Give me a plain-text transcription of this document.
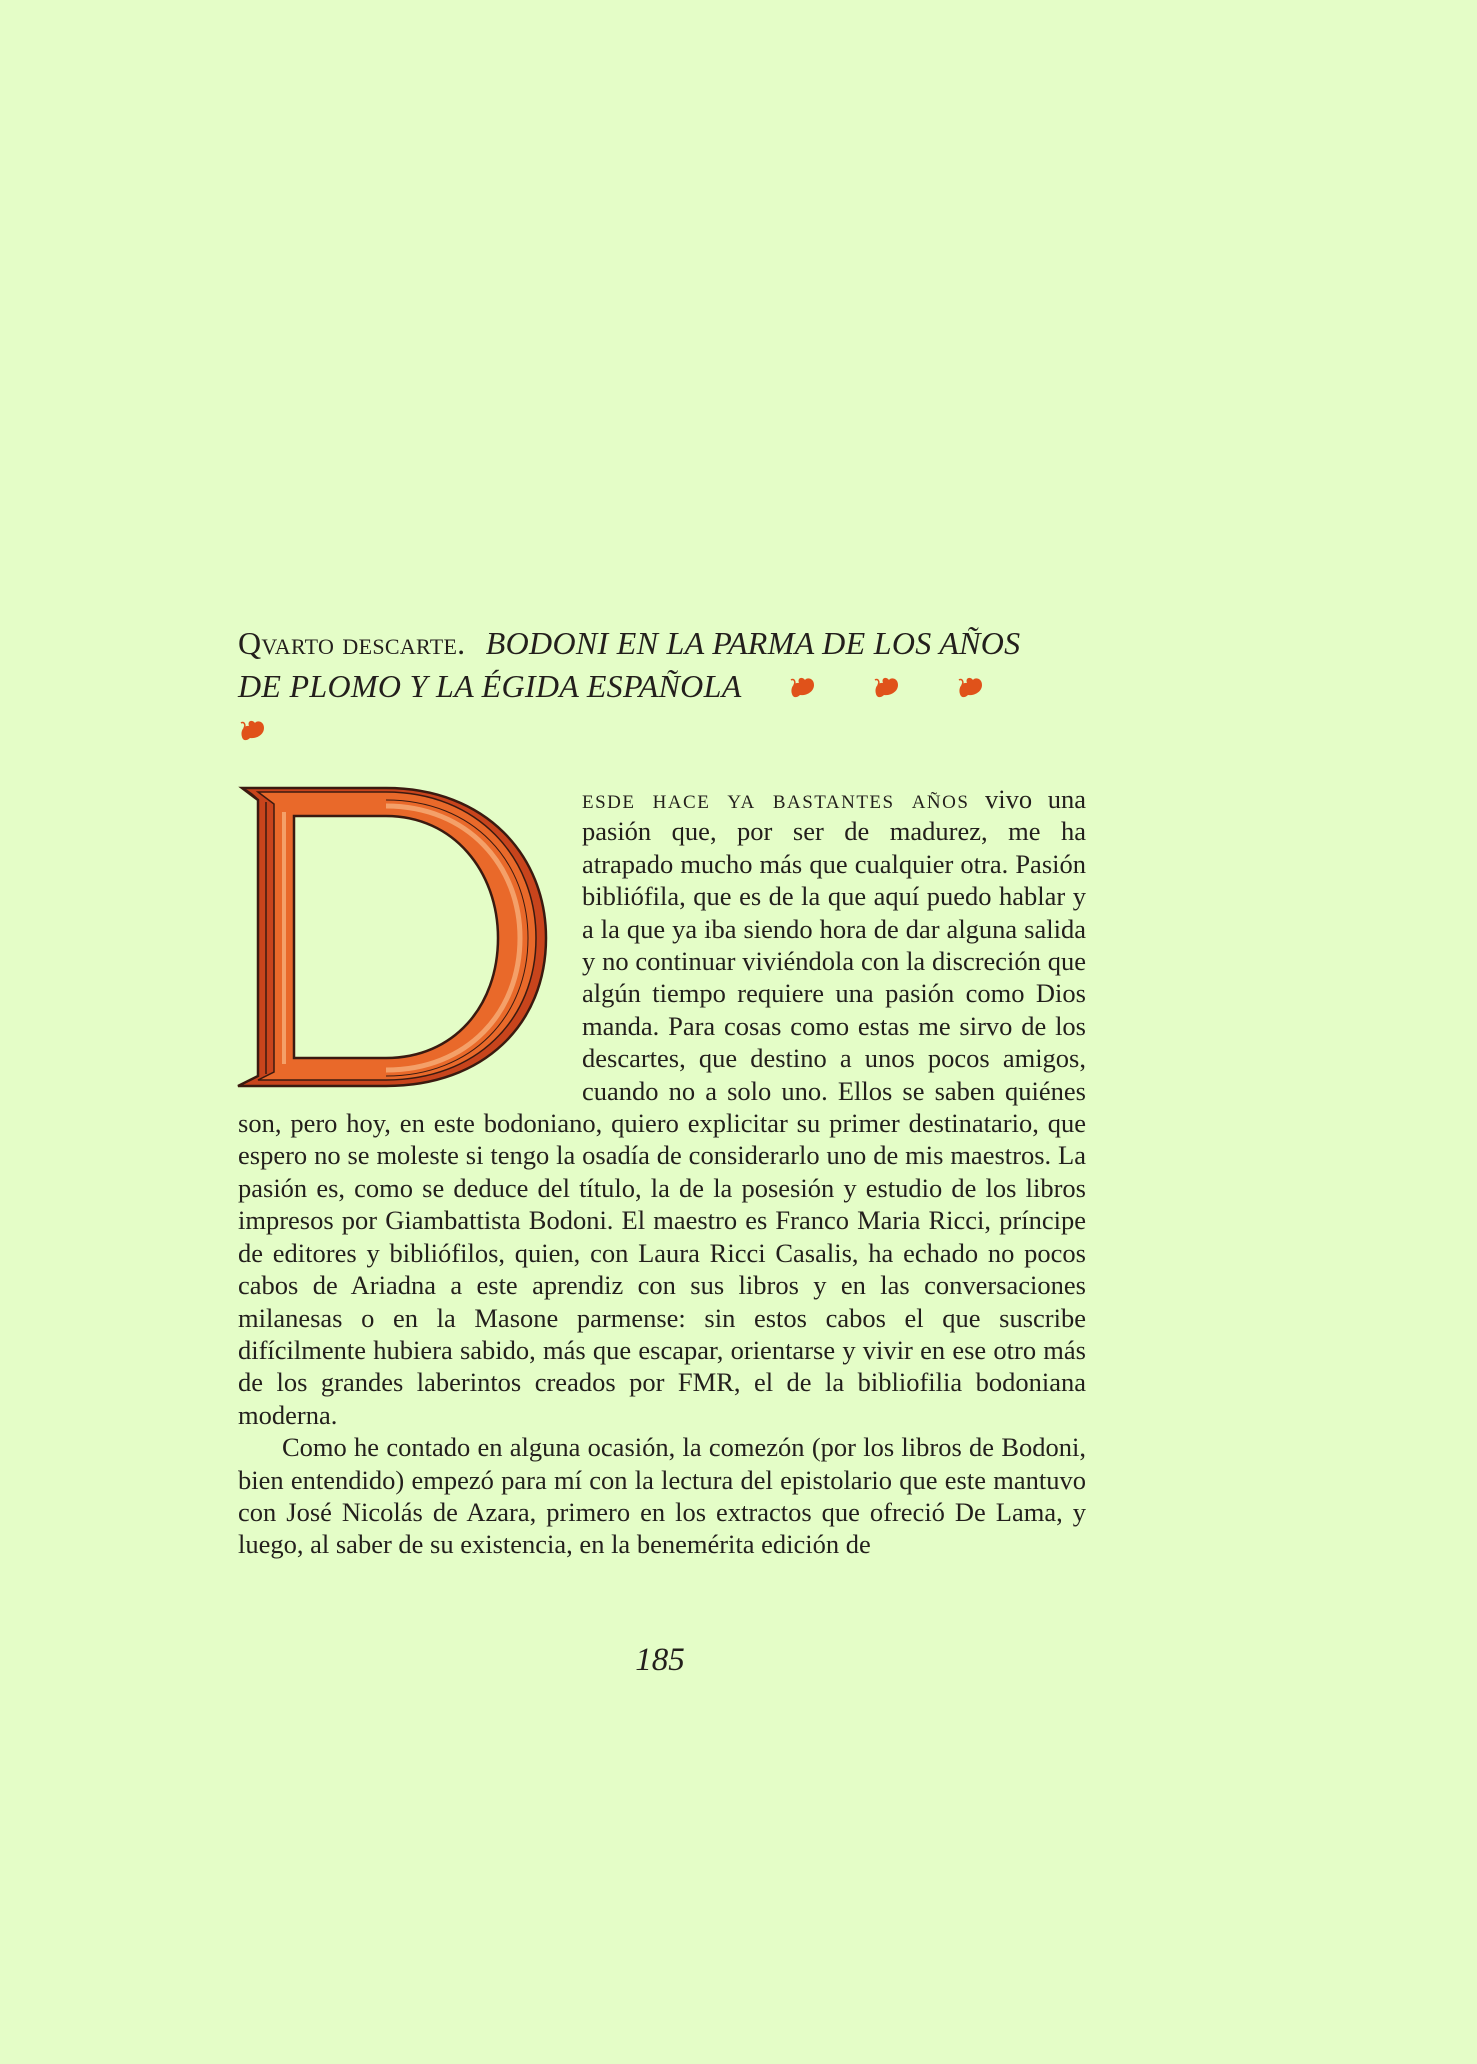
Qvarto descarte. BODONI EN LA PARMA DE LOS AÑOS
DE PLOMO Y LA ÉGIDA ESPAÑOLA

esde hace ya bastantes años vivo una pasión que, por ser de madurez, me ha atrapado mucho más que cualquier otra. Pasión bibliófila, que es de la que aquí puedo hablar y a la que ya iba siendo hora de dar alguna salida y no continuar viviéndola con la discreción que algún tiempo requiere una pasión como Dios manda. Para cosas como estas me sirvo de los descartes, que destino a unos pocos amigos, cuando no a solo uno. Ellos se saben quiénes son, pero hoy, en este bodoniano, quiero explicitar su primer destinatario, que espero no se moleste si tengo la osadía de considerarlo uno de mis maestros. La pasión es, como se deduce del título, la de la posesión y estudio de los libros impresos por Giambattista Bodoni. El maestro es Franco Maria Ricci, príncipe de editores y bibliófilos, quien, con Laura Ricci Casalis, ha echado no pocos cabos de Ariadna a este aprendiz con sus libros y en las conversaciones milanesas o en la Masone parmense: sin estos cabos el que suscribe difícilmente hubiera sabido, más que escapar, orientarse y vivir en ese otro más de los grandes laberintos creados por FMR, el de la bibliofilia bodoniana moderna.

Como he contado en alguna ocasión, la comezón (por los libros de Bodoni, bien entendido) empezó para mí con la lectura del epistolario que este mantuvo con José Nicolás de Azara, primero en los extractos que ofreció De Lama, y luego, al saber de su existencia, en la benemérita edición de

185
